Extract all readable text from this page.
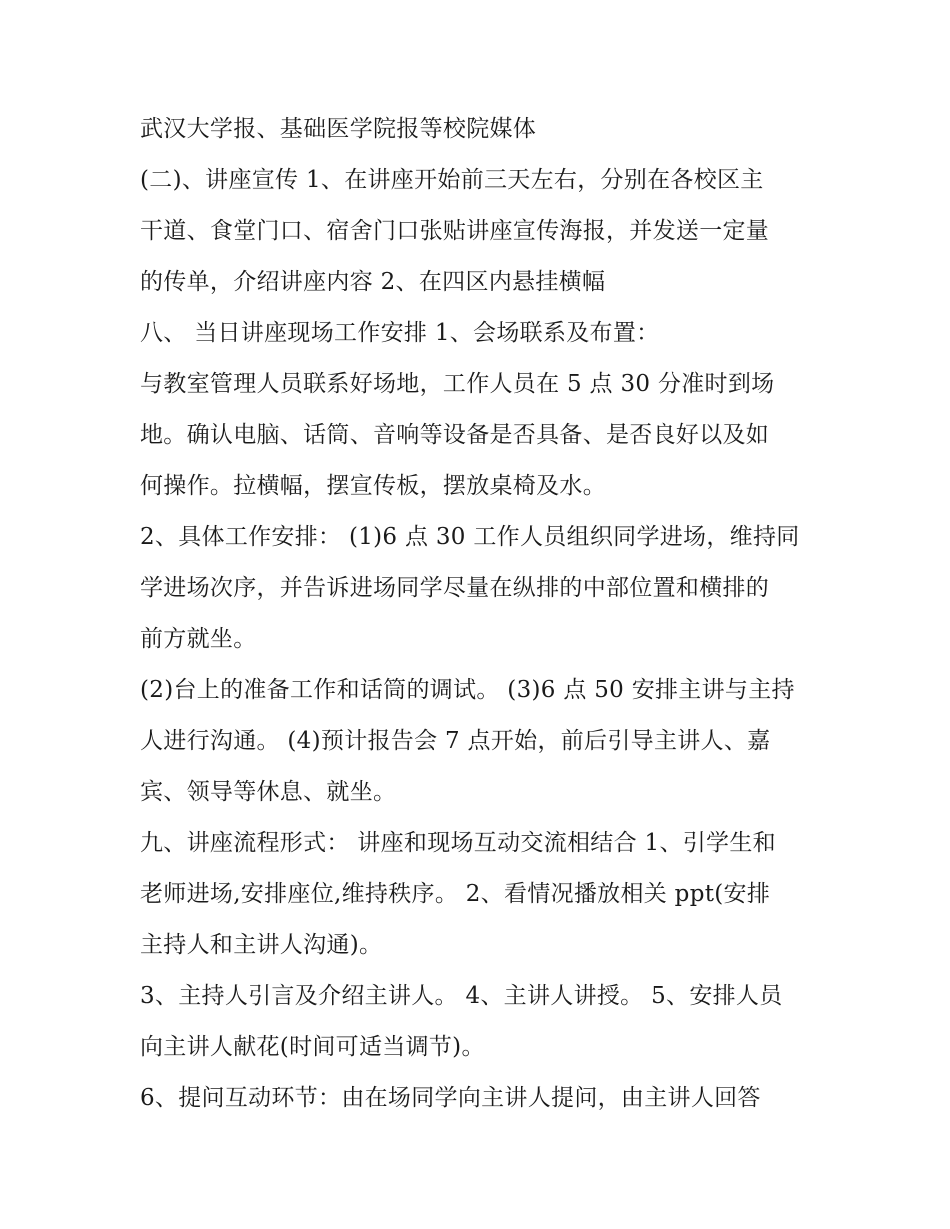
武汉大学报、基础医学院报等校院媒体
(二)、讲座宣传 1、在讲座开始前三天左右，分别在各校区主
干道、食堂门口、宿舍门口张贴讲座宣传海报，并发送一定量
的传单，介绍讲座内容 2、在四区内悬挂横幅
八、 当日讲座现场工作安排 1、会场联系及布置：
与教室管理人员联系好场地，工作人员在 5 点 30 分准时到场
地。确认电脑、话筒、音响等设备是否具备、是否良好以及如
何操作。拉横幅，摆宣传板，摆放桌椅及水。
2、具体工作安排： (1)6 点 30 工作人员组织同学进场，维持同
学进场次序，并告诉进场同学尽量在纵排的中部位置和横排的
前方就坐。
(2)台上的准备工作和话筒的调试。 (3)6 点 50 安排主讲与主持
人进行沟通。 (4)预计报告会 7 点开始，前后引导主讲人、嘉
宾、领导等休息、就坐。
九、讲座流程形式： 讲座和现场互动交流相结合 1、引学生和
老师进场,安排座位,维持秩序。 2、看情况播放相关 ppt(安排
主持人和主讲人沟通)。
3、主持人引言及介绍主讲人。 4、主讲人讲授。 5、安排人员
向主讲人献花(时间可适当调节)。
6、提问互动环节：由在场同学向主讲人提问，由主讲人回答
